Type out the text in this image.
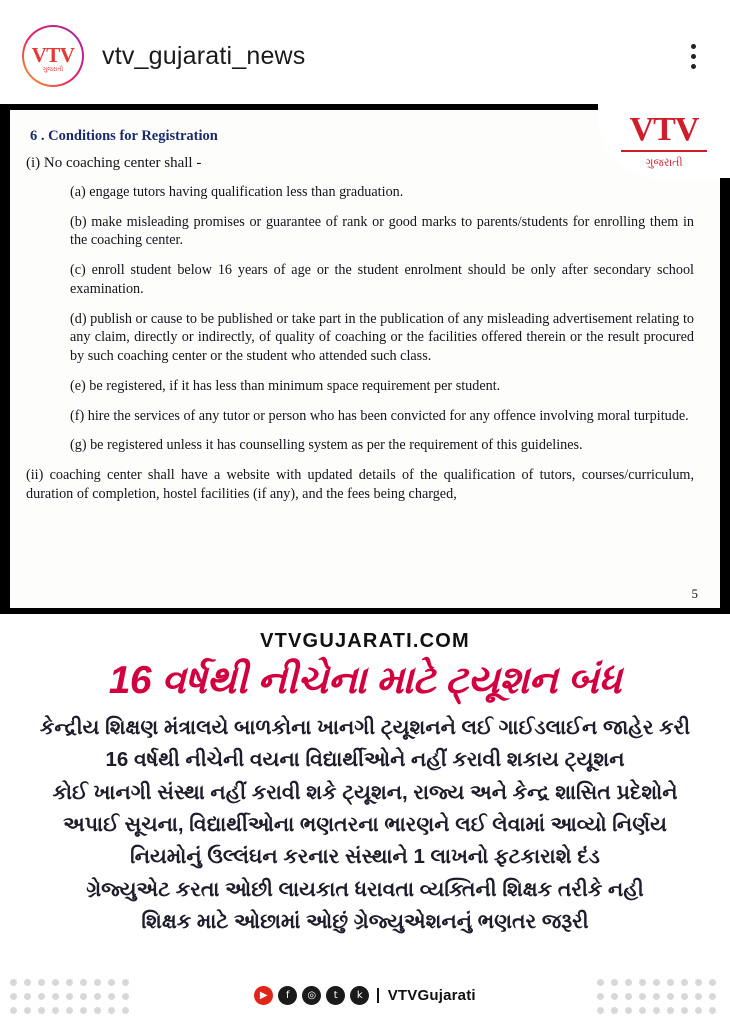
VTV
ગુજરાતી
vtv_gujarati_news
6 . Conditions for Registration
(i) No coaching center shall -
(a) engage tutors having qualification less than graduation.
(b) make misleading promises or guarantee of rank or good marks to parents/students for enrolling them in the coaching center.
(c) enroll student below 16 years of age or the student enrolment should be only after secondary school examination.
(d) publish or cause to be published or take part in the publication of any misleading advertisement relating to any claim, directly or indirectly, of quality of coaching or the facilities offered therein or the result procured by such coaching center or the student who attended such class.
(e) be registered, if it has less than minimum space requirement per student.
(f) hire the services of any tutor or person who has been convicted for any offence involving moral turpitude.
(g) be registered unless it has counselling system as per the requirement of this guidelines.
(ii) coaching center shall have a website with updated details of the qualification of tutors, courses/curriculum, duration of completion, hostel facilities (if any), and the fees being charged,
5
VTV
ગુજરાતી
VTVGUJARATI.COM
16 વર્ષથી નીચેના માટે ટ્યૂશન બંધ
કેન્દ્રીય શિક્ષણ મંત્રાલયે બાળકોના ખાનગી ટ્યૂશનને લઈ ગાઈડલાઈન જાહેર કરી
16 વર્ષથી નીચેની વયના વિદ્યાર્થીઓને નહીં કરાવી શકાય ટ્યૂશન
કોઈ ખાનગી સંસ્થા નહીં કરાવી શકે ટ્યૂશન, રાજ્ય અને કેન્દ્ર શાસિત પ્રદેશોને
અપાઈ સૂચના, વિદ્યાર્થીઓના ભણતરના ભારણને લઈ લેવામાં આવ્યો નિર્ણય
નિયમોનું ઉલ્લંઘન કરનાર સંસ્થાને 1 લાખનો ફટકારાશે દંડ
ગ્રેજ્યુએટ કરતા ઓછી લાયકાત ધરાવતા વ્યક્તિની શિક્ષક તરીકે નહી
શિક્ષક માટે ઓછામાં ઓછું ગ્રેજ્યુએશનનું ભણતર જરૂરી
▶	f	◎	t	k	VTVGujarati
